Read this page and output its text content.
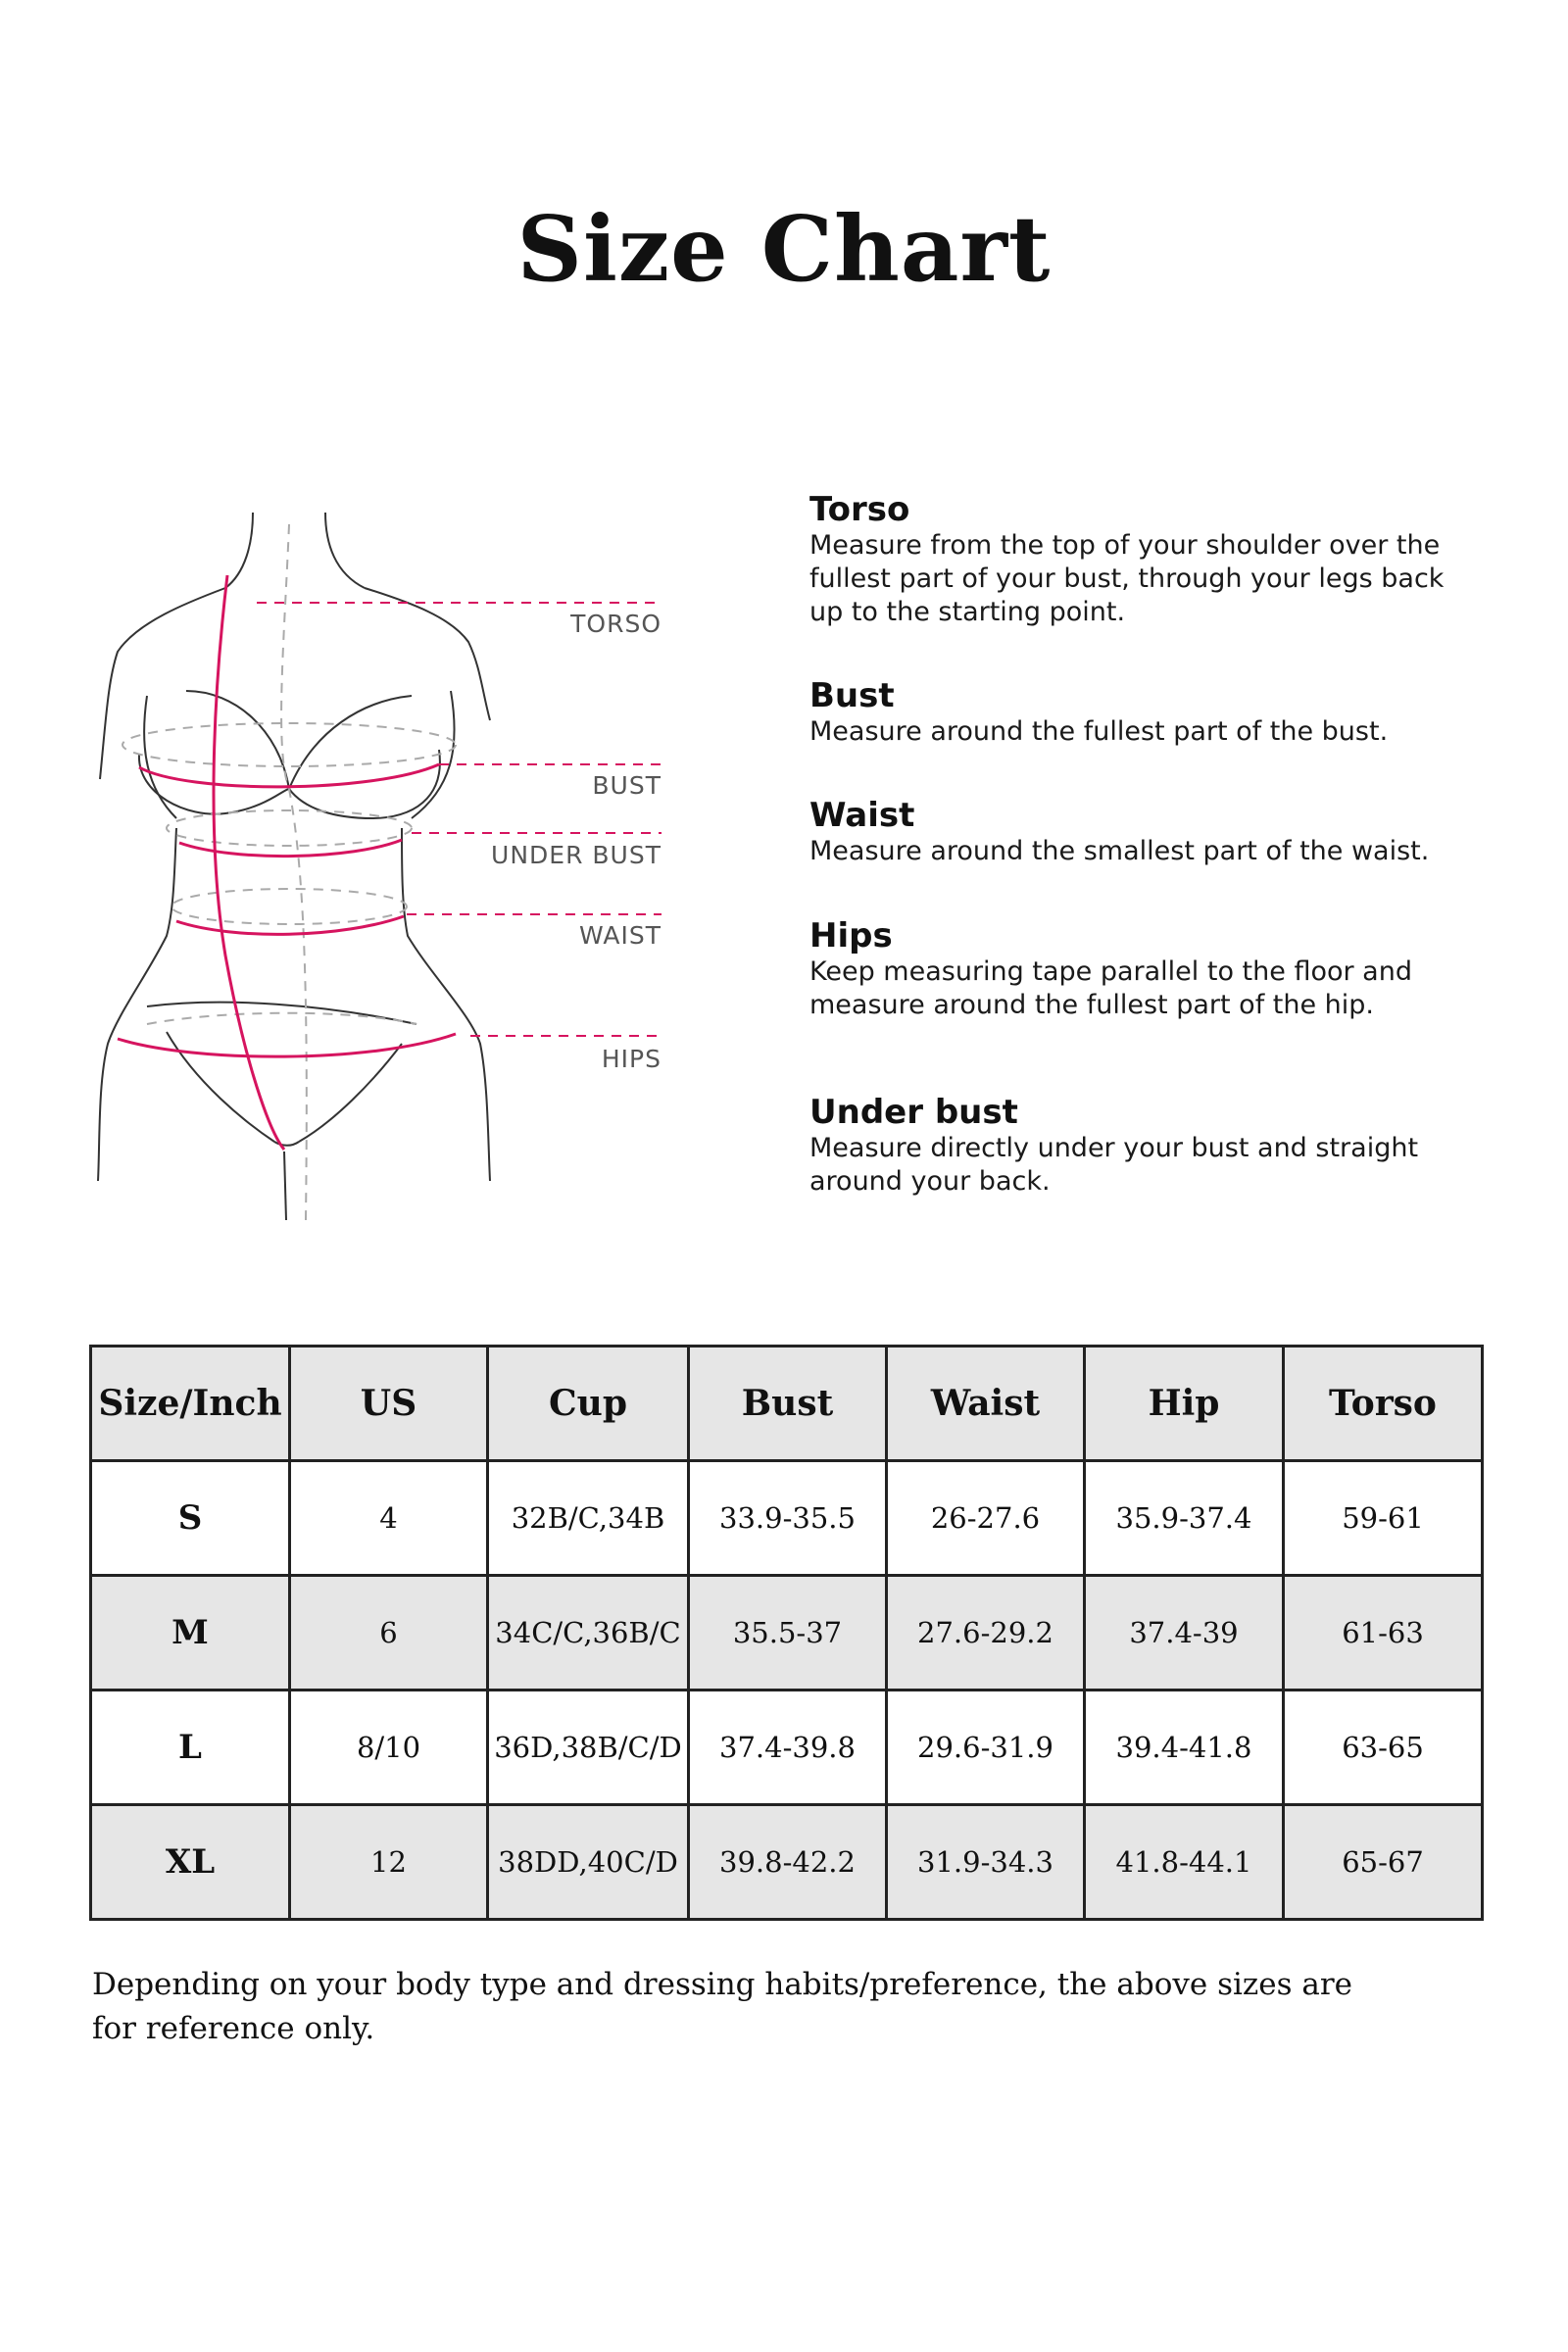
Size Chart
TORSO
BUST
UNDER BUST
WAIST
HIPS

Torso

Measure from the top of your shoulder over the fullest part of your bust, through your legs back up to the starting point.

Bust

Measure around the fullest part of the bust.

Waist

Measure around the smallest part of the waist.

Hips

Keep measuring tape parallel to the floor and measure around the fullest part of the hip.

Under bust

Measure directly under your bust and straight around your back.

Size/Inch	US	Cup	Bust	Waist	Hip	Torso
S	4	32B/C,34B	33.9-35.5	26-27.6	35.9-37.4	59-61
M	6	34C/C,36B/C	35.5-37	27.6-29.2	37.4-39	61-63
L	8/10	36D,38B/C/D	37.4-39.8	29.6-31.9	39.4-41.8	63-65
XL	12	38DD,40C/D	39.8-42.2	31.9-34.3	41.8-44.1	65-67

Depending on your body type and dressing habits/preference, the above sizes are for reference only.
